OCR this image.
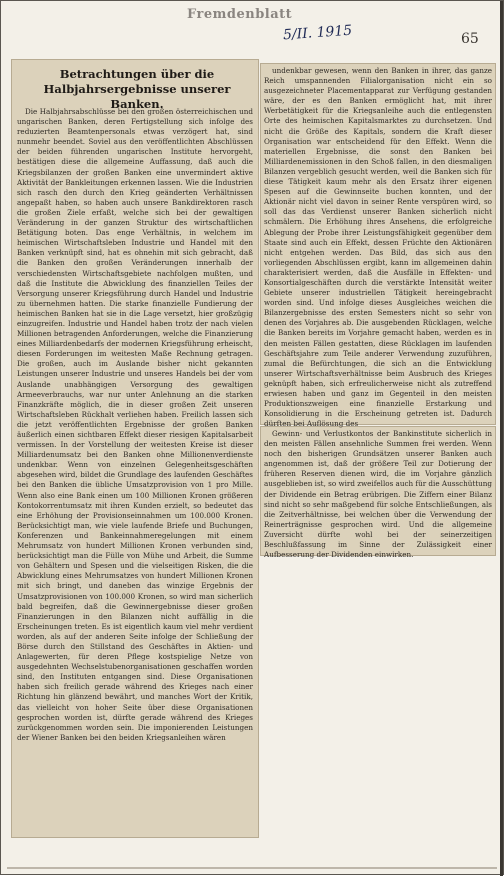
Fremdenblatt
5/II. 1915	65
Betrachtungen über die Halbjahrsergebnisse unserer Banken.

Die Halbjahrsabschlüsse bei den großen österreichischen und ungarischen Banken, deren Fertigstellung sich infolge des reduzierten Beamtenpersonals etwas verzögert hat, sind nunmehr beendet. Soviel aus den veröffentlichten Abschlüssen der beiden führenden ungarischen Institute hervorgeht, bestätigen diese die allgemeine Auffassung, daß auch die Kriegsbilanzen der großen Banken eine unvermindert aktive Aktivität der Bankleitungen erkennen lassen. Wie die Industrien sich rasch den durch den Krieg geänderten Verhältnissen angepaßt haben, so haben auch unsere Bankdirektoren rasch die großen Ziele erfaßt, welche sich bei der gewaltigen Veränderung in der ganzen Struktur des wirtschaftlichen Betätigung boten. Das enge Verhältnis, in welchem im heimischen Wirtschaftsleben Industrie und Handel mit den Banken verknüpft sind, hat es ohnehin mit sich gebracht, daß die Banken den großen Veränderungen innerhalb der verschiedensten Wirtschaftsgebiete nachfolgen mußten, und daß die Institute die Abwicklung des finanziellen Teiles der Versorgung unserer Kriegsführung durch Handel und Industrie zu übernehmen hatten. Die starke finanzielle Fundierung der heimischen Banken hat sie in die Lage versetzt, hier großzügig einzugreifen. Industrie und Handel haben trotz der nach vielen Millionen betragenden Anforderungen, welche die Finanzierung eines Milliardenbedarfs der modernen Kriegsführung erheischt, diesen Forderungen im weitesten Maße Rechnung getragen. Die großen, auch im Auslande bisher nicht gekannten Leistungen unserer Industrie und unseres Handels bei der vom Auslande unabhängigen Versorgung des gewaltigen Armeeverbrauchs, war nur unter Anlehnung an die starken Finanzkräfte möglich, die in dieser großen Zeit unseren Wirtschaftsleben Rückhalt verliehen haben. Freilich lassen sich die jetzt veröffentlichten Ergebnisse der großen Banken äußerlich einen sichtbaren Effekt dieser riesigen Kapitalsarbeit vermissen. In der Vorstellung der weitesten Kreise ist dieser Milliardenumsatz bei den Banken ohne Millionenverdienste undenkbar. Wenn von einzelnen Gelegenheitsgeschäften abgesehen wird, bildet die Grundlage des laufenden Geschäftes bei den Banken die übliche Umsatzprovision von 1 pro Mille. Wenn also eine Bank einen um 100 Millionen Kronen größeren Kontokorrentumsatz mit ihren Kunden erzielt, so bedeutet das eine Erhöhung der Provisionseinnahmen um 100.000 Kronen. Berücksichtigt man, wie viele laufende Briefe und Buchungen, Konferenzen und Bankeinnahmeregelungen mit einem Mehrumsatz von hundert Millionen Kronen verbunden sind, berücksichtigt man die Fülle von Mühe und Arbeit, die Summe von Gehältern und Spesen und die vielseitigen Risken, die die Abwicklung eines Mehrumsatzes von hundert Millionen Kronen mit sich bringt, und daneben das winzige Ergebnis der Umsatzprovisionen von 100.000 Kronen, so wird man sicherlich bald begreifen, daß die Gewinnergebnisse dieser großen Finanzierungen in den Bilanzen nicht auffällig in die Erscheinungen treten. Es ist eigentlich kaum viel mehr verdient worden, als auf der anderen Seite infolge der Schließung der Börse durch den Stillstand des Geschäftes in Aktien- und Anlagewerten, für deren Pflege kostspielige Netze von ausgedehnten Wechselstubenorganisationen geschaffen worden sind, den Instituten entgangen sind. Diese Organisationen haben sich freilich gerade während des Krieges nach einer Richtung hin glänzend bewährt, und manches Wort der Kritik, das vielleicht von hoher Seite über diese Organisationen gesprochen worden ist, dürfte gerade während des Krieges zurückgenommen worden sein. Die imponierenden Leistungen der Wiener Banken bei den beiden Kriegsanleihen wären

undenkbar gewesen, wenn den Banken in ihrer, das ganze Reich umspannenden Filialorganisation nicht ein so ausgezeichneter Placementapparat zur Verfügung gestanden wäre, der es den Banken ermöglicht hat, mit ihrer Werbetätigkeit für die Kriegsanleihe auch die entlegensten Orte des heimischen Kapitalsmarktes zu durchsetzen. Und nicht die Größe des Kapitals, sondern die Kraft dieser Organisation war entscheidend für den Effekt. Wenn die materiellen Ergebnisse, die sonst den Banken bei Milliardenemissionen in den Schoß fallen, in den diesmaligen Bilanzen vergeblich gesucht werden, weil die Banken sich für diese Tätigkeit kaum mehr als den Ersatz ihrer eigenen Spesen auf die Gewinnseite buchen konnten, und der Aktionär nicht viel davon in seiner Rente verspüren wird, so soll das das Verdienst unserer Banken sicherlich nicht schmälern. Die Erhöhung ihres Ansehens, die erfolgreiche Ablegung der Probe ihrer Leistungsfähigkeit gegenüber dem Staate sind auch ein Effekt, dessen Früchte den Aktionären nicht entgehen werden. Das Bild, das sich aus den vorliegenden Abschlüssen ergibt, kann im allgemeinen dahin charakterisiert werden, daß die Ausfälle in Effekten- und Konsortialgeschäften durch die verstärkte Intensität weiter Gebiete unserer industriellen Tätigkeit hereingebracht worden sind. Und infolge dieses Ausgleiches weichen die Bilanzergebnisse des ersten Semesters nicht so sehr von denen des Vorjahres ab. Die ausgebenden Rücklagen, welche die Banken bereits im Vorjahre gemacht haben, werden es in den meisten Fällen gestatten, diese Rücklagen im laufenden Geschäftsjahre zum Teile anderer Verwendung zuzuführen, zumal die Befürchtungen, die sich an die Entwicklung unserer Wirtschaftsverhältnisse beim Ausbruch des Krieges geknüpft haben, sich erfreulicherweise nicht als zutreffend erwiesen haben und ganz im Gegenteil in den meisten Produktionszweigen eine finanzielle Erstarkung und Konsolidierung in die Erscheinung getreten ist. Dadurch dürften bei Auflösung des

Gewinn- und Verlustkontos der Bankinstitute sicherlich in den meisten Fällen ansehnliche Summen frei werden. Wenn noch den bisherigen Grundsätzen unserer Banken auch angenommen ist, daß der größere Teil zur Dotierung der früheren Reserven dienen wird, die im Vorjahre gänzlich ausgeblieben ist, so wird zweifellos auch für die Ausschüttung der Dividende ein Betrag erübrigen. Die Ziffern einer Bilanz sind nicht so sehr maßgebend für solche Entschließungen, als die Zeitverhältnisse, bei welchen über die Verwendung der Reinerträgnisse gesprochen wird. Und die allgemeine Zuversicht dürfte wohl bei der seinerzeitigen Beschlußfassung im Sinne der Zulässigkeit einer Aufbesserung der Dividenden einwirken.
